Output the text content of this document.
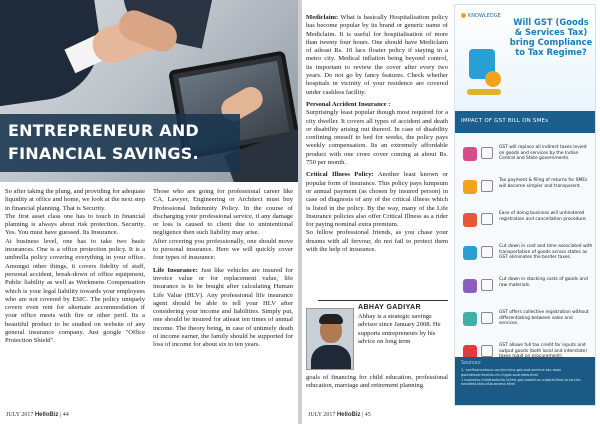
ENTREPRENEUR AND FINANCIAL SAVINGS.

So after taking the plung, and providing for adequate liquidity at office and home, we look at the next step in financial planning. That is Security.

The first asset class one has to touch in financial planning is always about risk protection. Security. Yes. You must have guessed. Its Insurance.

At business level, one has to take two basic insurances. One is a office protection policy. It is a umbrella policy covering everything in your office. Amongst other things, it covers fidelity of staff, personal accident, break-down of office equipment, Public liability as well as Workmens Compensation which is your legal liability towards your employees who are not covered by ESIC. The policy uniquely covers even rent for alternate accommodation if your office meets with fire or other peril. Its a beautiful product to be studied on website of any general insurance company. Just google "Office Protection Shield".

Those who are going for professional career like CA, Lawyer, Engineering or Architect must buy Professional Indemnity Policy. In the course of discharging your professional service, if any damage or loss is caused to client due to unintentional negligence then such liability may arise.

After covering you professionally, one should move to personal insurance. Here we will quickly cover four types of insurance:

Life Insurance: Just like vehicles are insured for invoice value or for replacement value, life insurance is to be bought after calculating Human Life Value (HLV). Any professional life insurance agent should be able to tell your HLV after considering your income and liabilities. Simply put, one should be insured for atleast ten times of annual income. The theory being, in case of untimely death of income earner, the family should be supported for loss of income for about six to ten years.

JULY 2017 HelloBiz | 44

Mediclaim: What is basically Hospitalisation policy has become popular by its brand or generic name of Mediclaim. It is useful for hospitalisation of more than twenty four hours. One should have Mediclaim of atleast Rs. 10 lacs floater policy if staying in a metro city. Medical inflation being beyond control, its important to review the cover after every two years. Do not go by fancy features. Check whether hospitals in vicinity of your residence are covered under cashless facility.

Personal Accident Insurance :

Surprisingly least popular though most required for a city dweller. It covers all types of accident and death or disability arising out thereof. In case of disability confining oneself to bed for weeks, the policy pays weekly compensation. Its an extremely affordable product with one crore cover coming at about Rs. 750 per month.

Critical Illness Policy: Another least known or popular form of insurance. This policy pays lumpsum or annual payment (as chosen by insured person) in case od diagnosis of any of the critical illness which is listed in the policy. By the way, many of the Life Insurance policies also offer Critical Illness as a rider for paying nominal extra premium.

So fellow professional friends, as you chase your dreams with all fervour, do not fail to protect them with the help of insurance.

ABHAY GADIYAR
Abhay is a strategic savings advisor since January 2008. He supports entrepreneurs by his advice on long term
goals of financing for child education, professional education, marriage and retirement planning.
KNOWLEDGE
Will GST (Goods & Services Tax) bring Compliance to Tax Regime?
IMPACT OF GST BILL ON SMEs
GST will replace all indirect taxes levied on goods and services by the Indian Central and State governments.
Tax payment & filing of returns for SMEs will become simpler and transparent.
Ease of doing business will unhindered registration and cancellation procedure.
Cut down in cost and time associated with transportation of goods across states as GST eliminates the border taxes.
Cut down in stocking costs of goods and raw materials.
GST offers collective registration without differentiating between sales and services.
GST allows full tax credit for inputs and output goods (both local and interstate)
Sources:
1. ourfinancebuzz.com/nnn/ca-gst-and-service-tax.aspx
gstindiaservicetax.nic.in/gst-overview.html
1 business.mindtaxindia.in/the-gst-model-on-capital-flow-in-to-the-smallest-fast-of-business.html
JULY 2017 HelloBiz | 45
